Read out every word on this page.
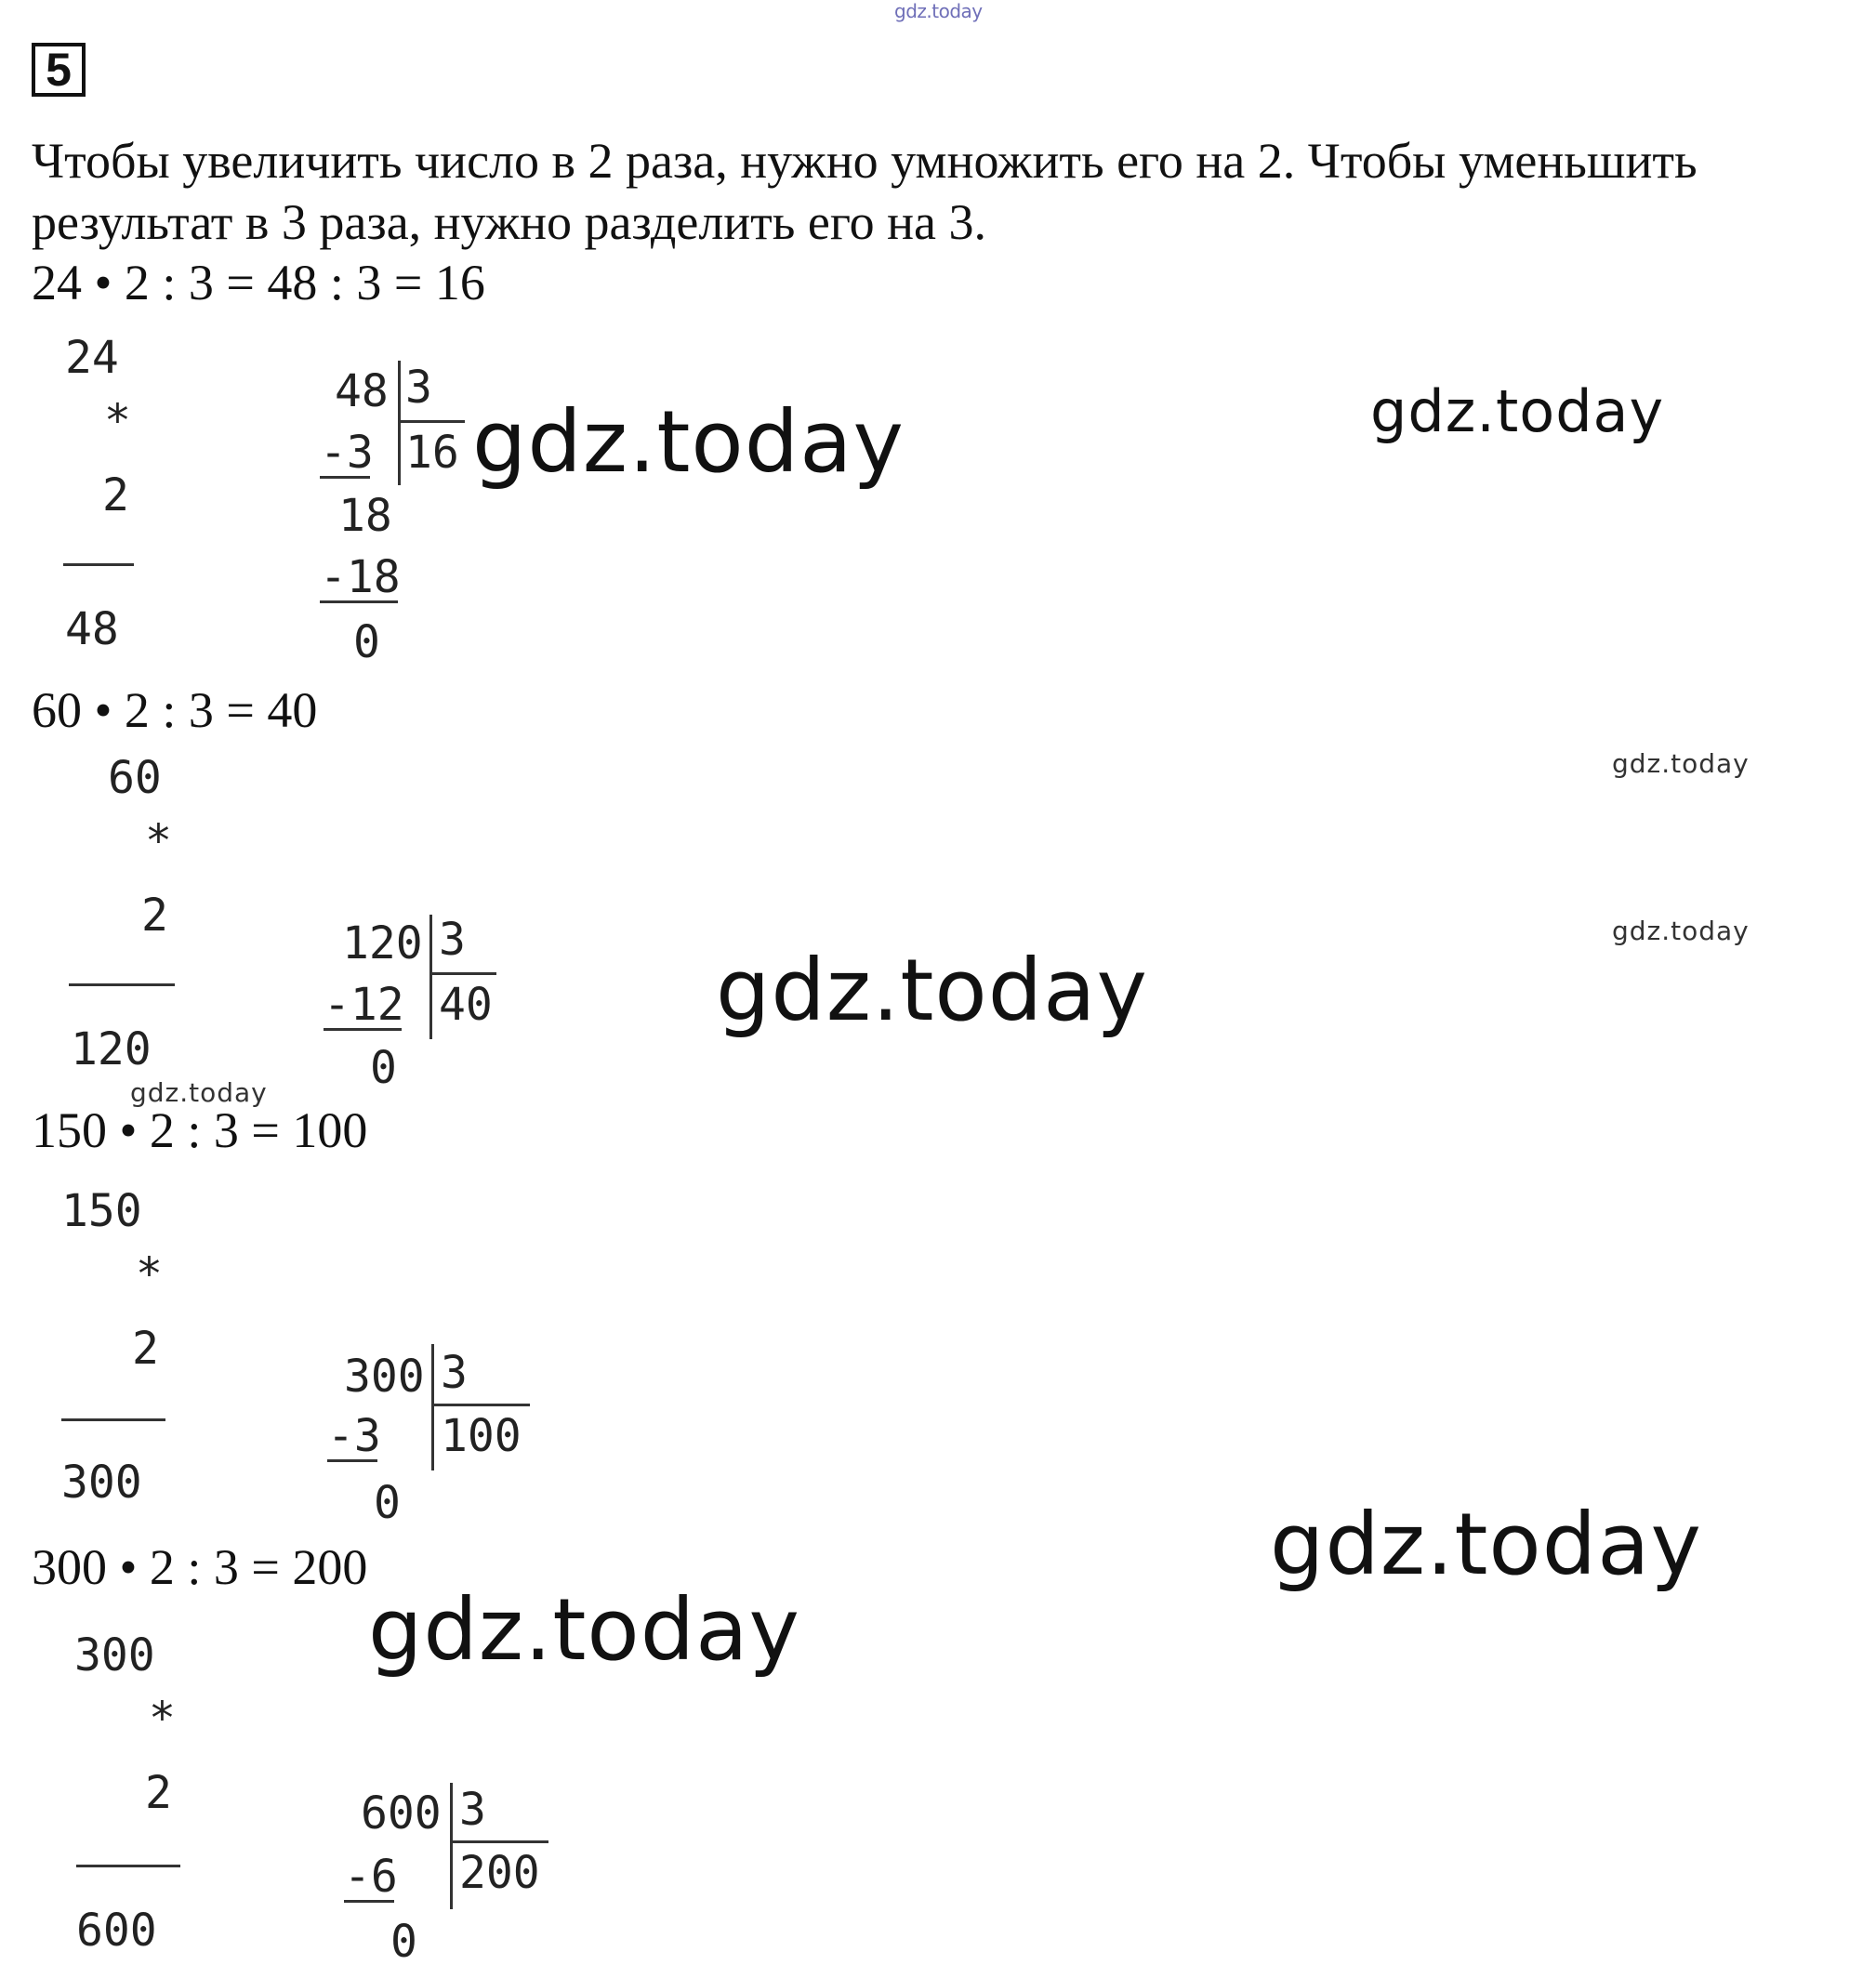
gdz.today
5
Чтобы увеличить число в 2 раза, нужно умножить его на 2. Чтобы уменьшить
результат в 3 раза, нужно разделить его на 3.
24 • 2 : 3 = 48 : 3 = 16
24
*
2
48
48 3
16
-3
18
-18
0
60 • 2 : 3 = 40
60
*
2
120
120 3
40
-12
0
150 • 2 : 3 = 100
150
*
2
300
300 3
100
-3
0
300 • 2 : 3 = 200
300
*
2
600
600 3
200
-6
0
gdz.today	gdz.today
gdz.today
gdz.today
gdz.today
gdz.today
gdz.today
gdz.today
